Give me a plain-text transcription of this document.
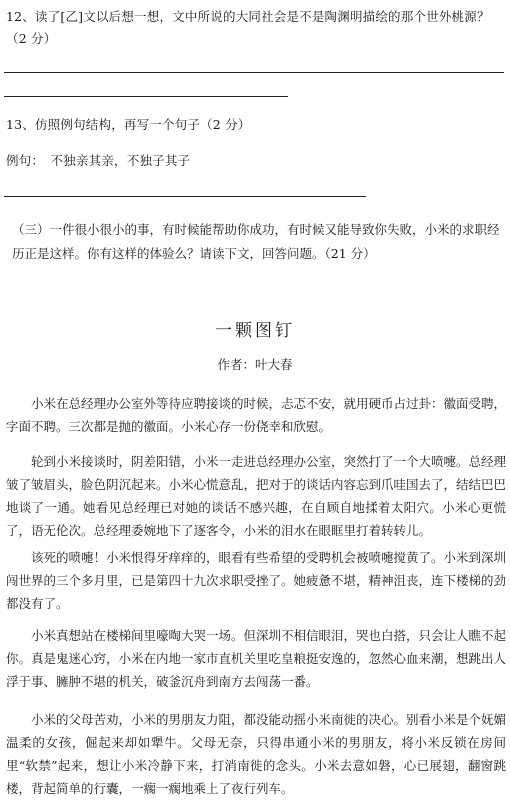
12、读了[乙]文以后想一想，文中所说的大同社会是不是陶渊明描绘的那个世外桃源？
（2 分）
13、仿照例句结构，再写一个句子（2 分）
例句：　不独亲其亲，不独子其子
（三）一件很小很小的事，有时候能帮助你成功，有时候又能导致你失败，小米的求职经历正是这样。你有这样的体验么？请读下文，回答问题。（21 分）
一颗图钉
作者：叶大春
小米在总经理办公室外等待应聘接谈的时候，忐忑不安，就用硬币占过卦：徽面受聘，字面不聘。三次都是抛的徽面。小米心存一份侥幸和欣慰。
轮到小米接谈时，阴差阳错，小米一走进总经理办公室，突然打了一个大喷嚏。总经理皱了皱眉头，脸色阴沉起来。小米心慌意乱，把对于的谈话内容忘到爪哇国去了，结结巴巴地谈了一通。她看见总经理已对她的谈话不感兴趣，在自顾自地揉着太阳穴。小米心更慌了，语无伦次。总经理委婉地下了逐客令，小米的泪水在眼眶里打着转转儿。
该死的喷嚏！小米恨得牙痒痒的，眼看有些希望的受聘机会被喷嚏搅黄了。小米到深圳闯世界的三个多月里，已是第四十九次求职受挫了。她疲惫不堪，精神沮丧，连下楼梯的劲都没有了。
小米真想站在楼梯间里嚎啕大哭一场。但深圳不相信眼泪，哭也白搭，只会让人瞧不起你。真是鬼迷心窍，小米在内地一家市直机关里吃皇粮挺安逸的，忽然心血来潮，想跳出人浮于事、臃肿不堪的机关，破釜沉舟到南方去闯荡一番。
小米的父母苦劝，小米的男朋友力阻，都没能动摇小米南徙的决心。别看小米是个妩媚温柔的女孩，倔起来却如犟牛。父母无奈，只得串通小米的男朋友，将小米反锁在房间里“软禁”起来，想让小米冷静下来，打消南徙的念头。小米去意如磐，心已展翅，翻窗跳楼，背起简单的行囊，一瘸一瘸地乘上了夜行列车。
